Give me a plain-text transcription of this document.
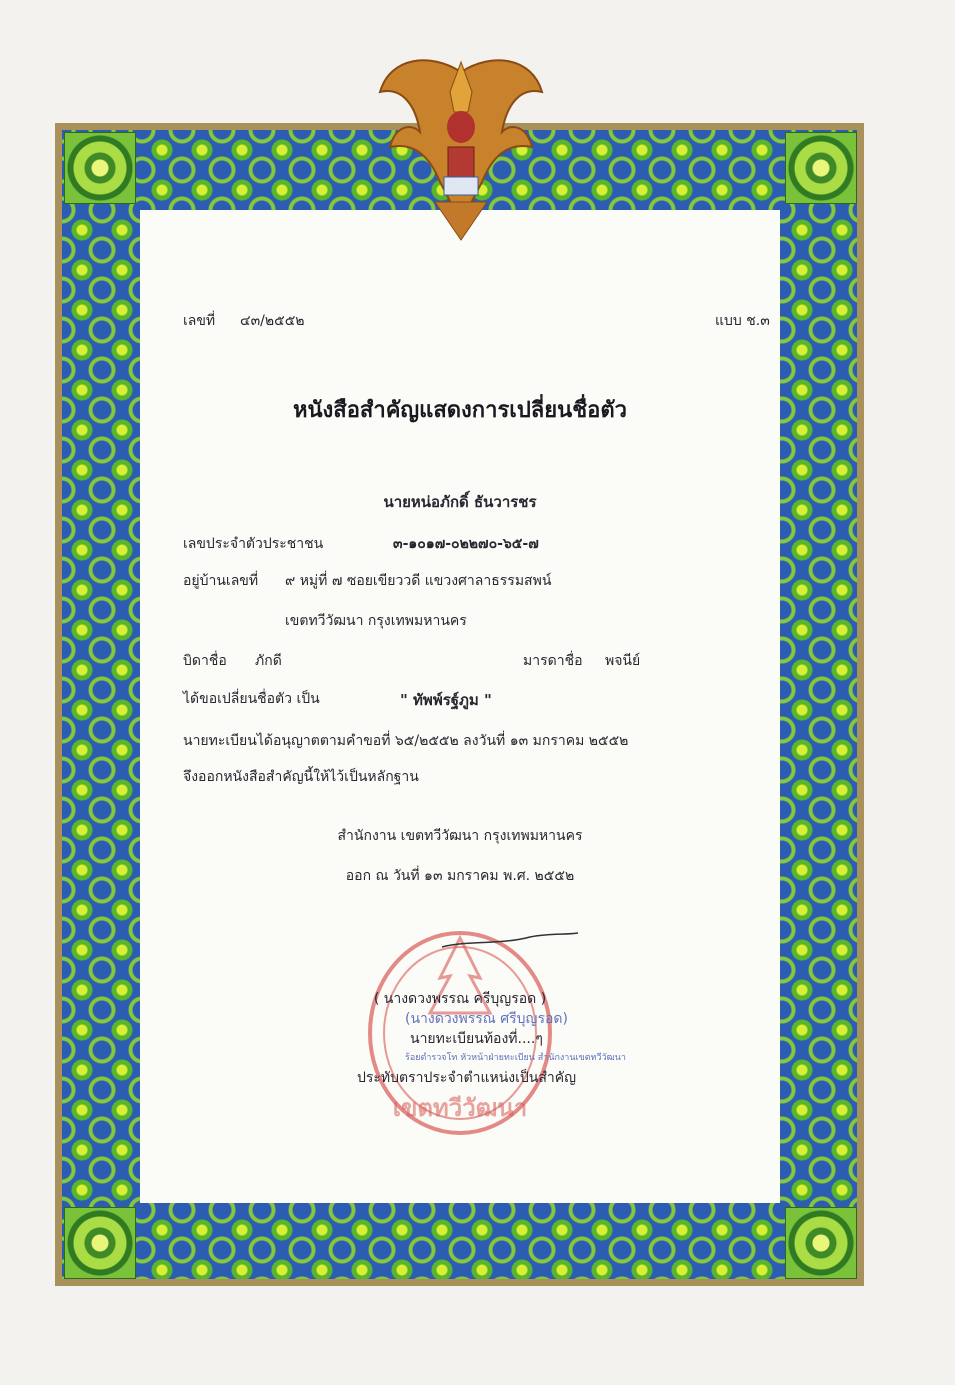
เลขที่ ๔๓/๒๕๕๒	แบบ ช.๓
หนังสือสำคัญแสดงการเปลี่ยนชื่อตัว
นายหน่อภักดิ์ ธันวารชร
เลขประจำตัวประชาชน	๓-๑๐๑๗-๐๒๒๗๐-๖๕-๗
อยู่บ้านเลขที่ ๙ หมู่ที่ ๗ ซอยเขียววดี แขวงศาลาธรรมสพน์
เขตทวีวัฒนา กรุงเทพมหานคร
บิดาชื่อ ภักดี	มารดาชื่อ พจนีย์
ได้ขอเปลี่ยนชื่อตัว เป็น	" ทัพพ์รฐ์ภูม "
นายทะเบียนได้อนุญาตตามคำขอที่ ๖๕/๒๕๕๒ ลงวันที่ ๑๓ มกราคม ๒๕๕๒
จึงออกหนังสือสำคัญนี้ให้ไว้เป็นหลักฐาน
สำนักงาน เขตทวีวัฒนา กรุงเทพมหานคร
ออก ณ วันที่ ๑๓ มกราคม พ.ศ. ๒๕๕๒
เขตทวีวัฒนา
( นางดวงพรรณ ครีบุญรอด )
(นางดวงพรรณ ศรีบุญรอด)
นายทะเบียนท้องที่....ๆ
ร้อยตำรวจโท หัวหน้าฝ่ายทะเบียน สำนักงานเขตทวีวัฒนา
ประทับตราประจำตำแหน่งเป็นสำคัญ
